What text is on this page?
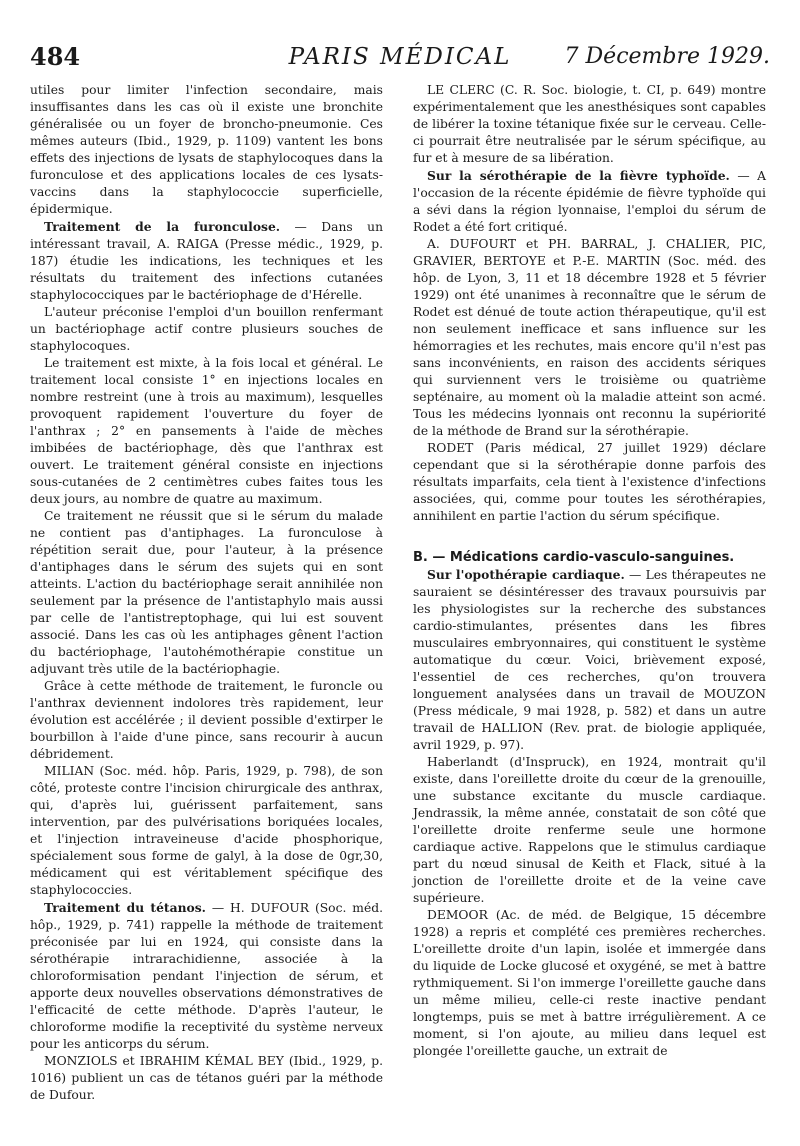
484	PARIS MÉDICAL	7 Décembre 1929.

utiles pour limiter l'infection secondaire, mais insuffisantes dans les cas où il existe une bronchite généralisée ou un foyer de broncho-pneumonie. Ces mêmes auteurs (Ibid., 1929, p. 1109) vantent les bons effets des injections de lysats de staphylocoques dans la furonculose et des applications locales de ces lysats-vaccins dans la staphylococcie superficielle, épidermique.

Traitement de la furonculose. — Dans un intéressant travail, A. RAIGA (Presse médic., 1929, p. 187) étudie les indications, les techniques et les résultats du traitement des infections cutanées staphylococciques par le bactériophage de d'Hérelle.

L'auteur préconise l'emploi d'un bouillon renfermant un bactériophage actif contre plusieurs souches de staphylocoques.

Le traitement est mixte, à la fois local et général. Le traitement local consiste 1° en injections locales en nombre restreint (une à trois au maximum), lesquelles provoquent rapidement l'ouverture du foyer de l'anthrax ; 2° en pansements à l'aide de mèches imbibées de bactériophage, dès que l'anthrax est ouvert. Le traitement général consiste en injections sous-cutanées de 2 centimètres cubes faites tous les deux jours, au nombre de quatre au maximum.

Ce traitement ne réussit que si le sérum du malade ne contient pas d'antiphages. La furonculose à répétition serait due, pour l'auteur, à la présence d'antiphages dans le sérum des sujets qui en sont atteints. L'action du bactériophage serait annihilée non seulement par la présence de l'antistaphylo mais aussi par celle de l'antistreptophage, qui lui est souvent associé. Dans les cas où les antiphages gênent l'action du bactériophage, l'autohémothérapie constitue un adjuvant très utile de la bactériophagie.

Grâce à cette méthode de traitement, le furoncle ou l'anthrax deviennent indolores très rapidement, leur évolution est accélérée ; il devient possible d'extirper le bourbillon à l'aide d'une pince, sans recourir à aucun débridement.

MILIAN (Soc. méd. hôp. Paris, 1929, p. 798), de son côté, proteste contre l'incision chirurgicale des anthrax, qui, d'après lui, guérissent parfaitement, sans intervention, par des pulvérisations boriquées locales, et l'injection intraveineuse d'acide phosphorique, spécialement sous forme de galyl, à la dose de 0gr,30, médicament qui est véritablement spécifique des staphylococcies.

Traitement du tétanos. — H. DUFOUR (Soc. méd. hôp., 1929, p. 741) rappelle la méthode de traitement préconisée par lui en 1924, qui consiste dans la sérothérapie intrarachidienne, associée à la chloroformisation pendant l'injection de sérum, et apporte deux nouvelles observations démonstratives de l'efficacité de cette méthode. D'après l'auteur, le chloroforme modifie la receptivité du système nerveux pour les anticorps du sérum.

MONZIOLS et IBRAHIM KÉMAL BEY (Ibid., 1929, p. 1016) publient un cas de tétanos guéri par la méthode de Dufour.

LE CLERC (C. R. Soc. biologie, t. CI, p. 649) montre expérimentalement que les anesthésiques sont capables de libérer la toxine tétanique fixée sur le cerveau. Celle-ci pourrait être neutralisée par le sérum spécifique, au fur et à mesure de sa libération.

Sur la sérothérapie de la fièvre typhoïde. — A l'occasion de la récente épidémie de fièvre typhoïde qui a sévi dans la région lyonnaise, l'emploi du sérum de Rodet a été fort critiqué.

A. DUFOURT et PH. BARRAL, J. CHALIER, PIC, GRAVIER, BERTOYE et P.-E. MARTIN (Soc. méd. des hôp. de Lyon, 3, 11 et 18 décembre 1928 et 5 février 1929) ont été unanimes à reconnaître que le sérum de Rodet est dénué de toute action thérapeutique, qu'il est non seulement inefficace et sans influence sur les hémorragies et les rechutes, mais encore qu'il n'est pas sans inconvénients, en raison des accidents sériques qui surviennent vers le troisième ou quatrième septénaire, au moment où la maladie atteint son acmé. Tous les médecins lyonnais ont reconnu la supériorité de la méthode de Brand sur la sérothérapie.

RODET (Paris médical, 27 juillet 1929) déclare cependant que si la sérothérapie donne parfois des résultats imparfaits, cela tient à l'existence d'infections associées, qui, comme pour toutes les sérothérapies, annihilent en partie l'action du sérum spécifique.

B. — Médications cardio-vasculo-sanguines.

Sur l'opothérapie cardiaque. — Les thérapeutes ne sauraient se désintéresser des travaux poursuivis par les physiologistes sur la recherche des substances cardio-stimulantes, présentes dans les fibres musculaires embryonnaires, qui constituent le système automatique du cœur. Voici, brièvement exposé, l'essentiel de ces recherches, qu'on trouvera longuement analysées dans un travail de MOUZON (Press médicale, 9 mai 1928, p. 582) et dans un autre travail de HALLION (Rev. prat. de biologie appliquée, avril 1929, p. 97).

Haberlandt (d'Inspruck), en 1924, montrait qu'il existe, dans l'oreillette droite du cœur de la grenouille, une substance excitante du muscle cardiaque. Jendrassik, la même année, constatait de son côté que l'oreillette droite renferme seule une hormone cardiaque active. Rappelons que le stimulus cardiaque part du nœud sinusal de Keith et Flack, situé à la jonction de l'oreillette droite et de la veine cave supérieure.

DEMOOR (Ac. de méd. de Belgique, 15 décembre 1928) a repris et complété ces premières recherches. L'oreillette droite d'un lapin, isolée et immergée dans du liquide de Locke glucosé et oxygéné, se met à battre rythmiquement. Si l'on immerge l'oreillette gauche dans un même milieu, celle-ci reste inactive pendant longtemps, puis se met à battre irrégulièrement. A ce moment, si l'on ajoute, au milieu dans lequel est plongée l'oreillette gauche, un extrait de
